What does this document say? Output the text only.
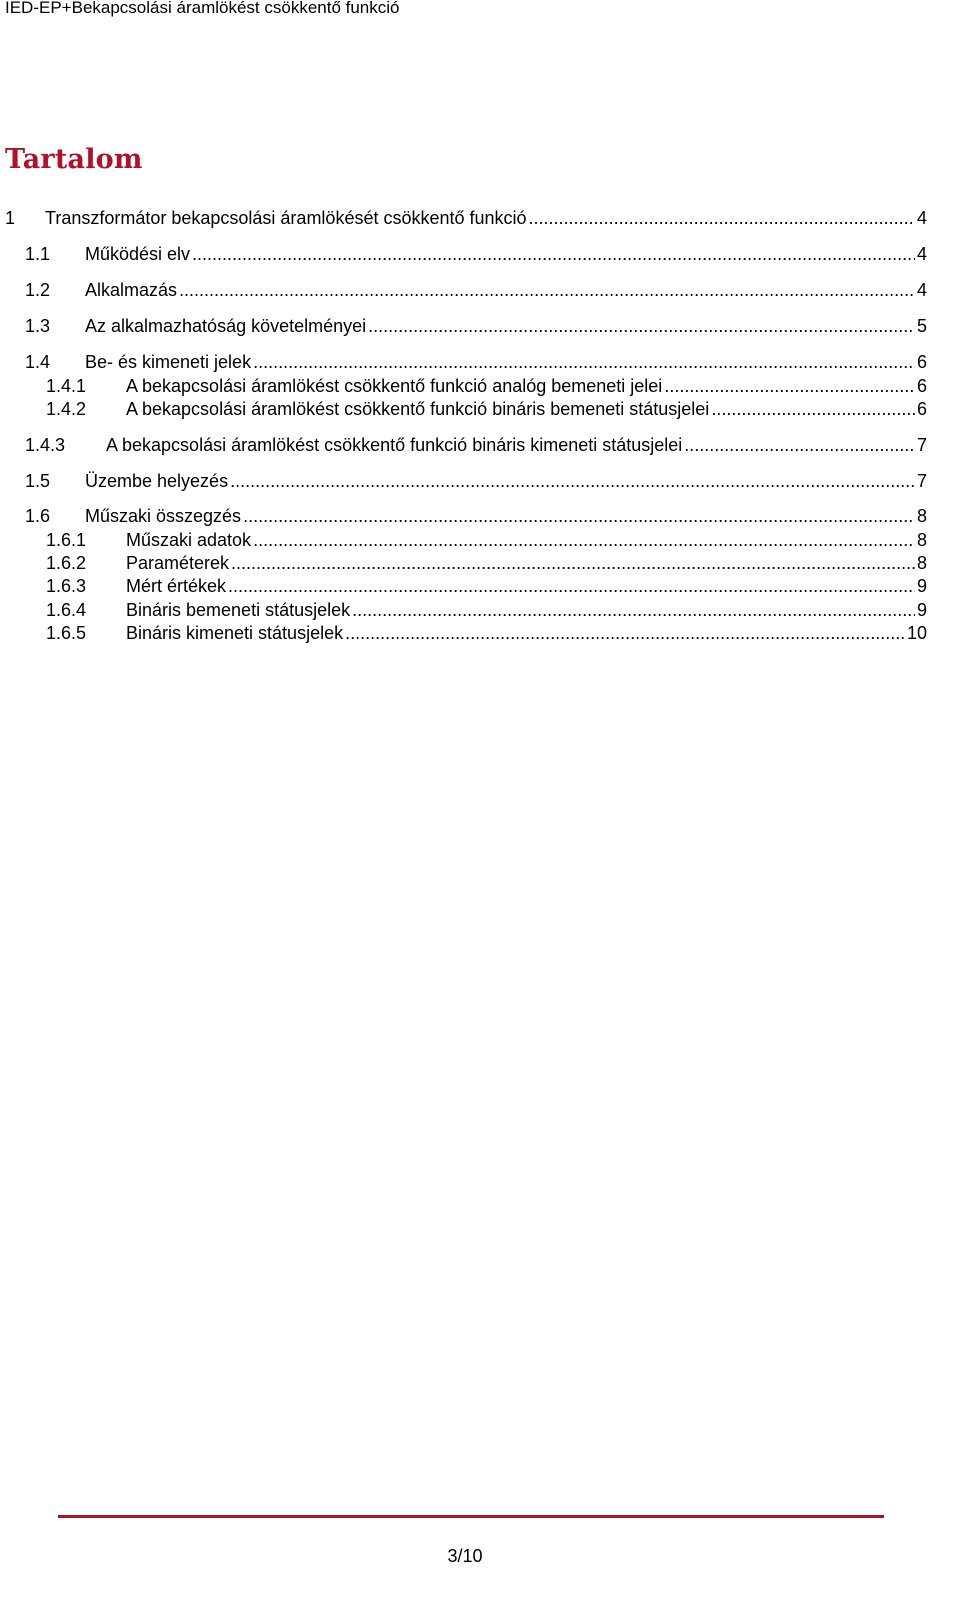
IED-EP+Bekapcsolási áramlökést csökkentő funkció
Tartalom
1	Transzformátor bekapcsolási áramlökését csökkentő funkció .....	4
1.1	Működési elv .....	4
1.2	Alkalmazás .....	4
1.3	Az alkalmazhatóság követelményei .....	5
1.4	Be- és kimeneti jelek .....	6
1.4.1	A bekapcsolási áramlökést csökkentő funkció analóg bemeneti jelei .....	6
1.4.2	A bekapcsolási áramlökést csökkentő funkció bináris bemeneti státusjelei .....	6
1.4.3	A bekapcsolási áramlökést csökkentő funkció bináris kimeneti státusjelei .....	7
1.5	Üzembe helyezés .....	7
1.6	Műszaki összegzés .....	8
1.6.1	Műszaki adatok .....	8
1.6.2	Paraméterek .....	8
1.6.3	Mért értékek .....	9
1.6.4	Bináris bemeneti státusjelek .....	9
1.6.5	Bináris kimeneti státusjelek .....	10
3/10
